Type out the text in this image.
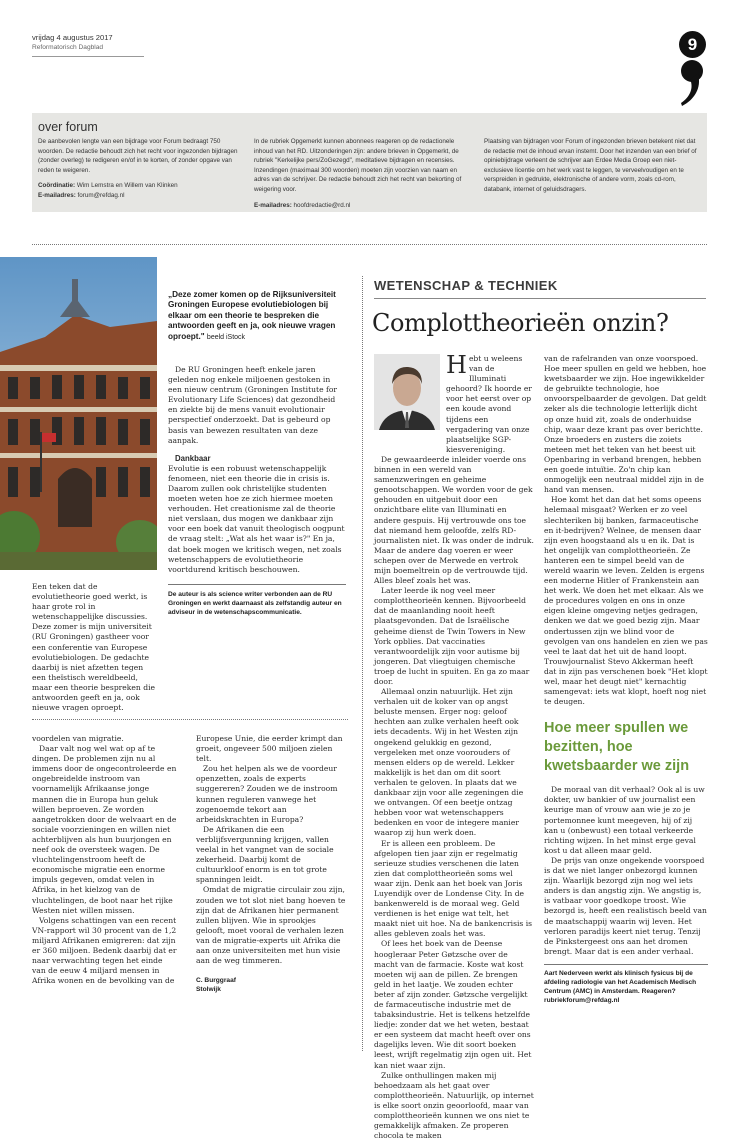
vrijdag 4 augustus 2017
Reformatorisch Dagblad	9
over forum

De aanbevolen lengte van een bijdrage voor Forum bedraagt 750 woorden. De redactie behoudt zich het recht voor ingezonden bijdragen (zonder overleg) te redigeren en/of in te korten, of zonder opgave van reden te weigeren.

Coördinatie: Wim Lemstra en Willem van Klinken

E-mailadres: forum@refdag.nl

In de rubriek Opgemerkt kunnen abonnees reageren op de redactionele inhoud van het RD. Uitzonderingen zijn: andere brieven in Opgemerkt, de rubriek "Kerkelijke pers/ZoGezegd", meditatieve bijdragen en recensies. Inzendingen (maximaal 300 woorden) moeten zijn voorzien van naam en adres van de schrijver. De redactie behoudt zich het recht van bekorting of weigering voor.

E-mailadres: hoofdredactie@rd.nl

Plaatsing van bijdragen voor Forum of ingezonden brieven betekent niet dat de redactie met de inhoud ervan instemt. Door het inzenden van een brief of opiniebijdrage verleent de schrijver aan Erdee Media Groep een niet-exclusieve licentie om het werk vast te leggen, te verveelvoudigen en te verspreiden in gedrukte, elektronische of andere vorm, zoals cd-rom, databank, internet of geluidsdragers.

„Deze zomer komen op de Rijksuniversiteit Groningen Europese evolutiebiologen bij elkaar om een theorie te bespreken die antwoorden geeft en ja, ook nieuwe vragen oproept." beeld iStock

Een teken dat de evolutietheorie goed werkt, is haar grote rol in wetenschappelijke discussies. Deze zomer is mijn universiteit (RU Groningen) gastheer voor een conferentie van Europese evolutiebiologen. De gedachte daarbij is niet afzetten tegen een theïstisch wereldbeeld, maar een theorie bespreken die antwoorden geeft en ja, ook nieuwe vragen oproept.

De RU Groningen heeft enkele jaren geleden nog enkele miljoenen gestoken in een nieuw centrum (Groningen Institute for Evolutionary Life Sciences) dat gezondheid en ziekte bij de mens vanuit evolutionair perspectief onderzoekt. Dat is gebeurd op basis van bewezen resultaten van deze aanpak.

Dankbaar

Evolutie is een robuust wetenschappelijk fenomeen, niet een theorie die in crisis is. Daarom zullen ook christelijke studenten moeten weten hoe ze zich hiermee moeten verhouden. Het creationisme zal de theorie niet verslaan, dus mogen we dankbaar zijn voor een boek dat vanuit theologisch oogpunt de vraag stelt: „Wat als het waar is?" En ja, dat boek mogen we kritisch wegen, net zoals wetenschappers de evolutietheorie voortdurend kritisch beschouwen.

De auteur is als science writer verbonden aan de RU Groningen en werkt daarnaast als zelfstandig auteur en adviseur in de wetenschapscommunicatie.

voordelen van migratie.

Daar valt nog wel wat op af te dingen. De problemen zijn nu al immens door de ongecontroleerde en ongebreidelde instroom van voornamelijk Afrikaanse jonge mannen die in Europa hun geluk willen beproeven. Ze worden aangetrokken door de welvaart en de sociale voorzieningen en willen niet achterblijven als hun buurjongen en neef ook de oversteek wagen. De vluchtelingenstroom heeft de economische migratie een enorme impuls gegeven, omdat velen in Afrika, in het kielzog van de vluchtelingen, de boot naar het rijke Westen niet willen missen.

Volgens schattingen van een recent VN-rapport wil 30 procent van de 1,2 miljard Afrikanen emigreren: dat zijn er 360 miljoen. Bedenk daarbij dat er naar verwachting tegen het einde van de eeuw 4 miljard mensen in Afrika wonen en de bevolking van de

Europese Unie, die eerder krimpt dan groeit, ongeveer 500 miljoen zielen telt.

Zou het helpen als we de voordeur openzetten, zoals de experts suggereren? Zouden we de instroom kunnen reguleren vanwege het zogenoemde tekort aan arbeidskrachten in Europa?

De Afrikanen die een verblijfsvergunning krijgen, vallen veelal in het vangnet van de sociale zekerheid. Daarbij komt de cultuurkloof enorm is en tot grote spanningen leidt.

Omdat de migratie circulair zou zijn, zouden we tot slot niet bang hoeven te zijn dat de Afrikanen hier permanent zullen blijven. Wie in sprookjes gelooft, moet vooral de verhalen lezen van de migratie-experts uit Afrika die aan onze universiteiten met hun visie aan de weg timmeren.

C. Burggraaf

Stolwijk

WETENSCHAP & TECHNIEK
Complottheorieën onzin?

Hebt u weleens van de Illuminati gehoord? Ik hoorde er voor het eerst over op een koude avond tijdens een vergadering van onze plaatselijke SGP-kiesvereniging.

De gewaardeerde inleider voerde ons binnen in een wereld van samenzweringen en geheime genootschappen. We worden voor de gek gehouden en uitgebuit door een onzichtbare elite van Illuminati en andere gespuis. Hij vertrouwde ons toe dat niemand hem geloofde, zelfs RD-journalisten niet. Ik was onder de indruk. Maar de andere dag voeren er weer schepen over de Merwede en vertrok mijn boemeltrein op de vertrouwde tijd. Alles bleef zoals het was.

Later leerde ik nog veel meer complottheorieën kennen. Bijvoorbeeld dat de maanlanding nooit heeft plaatsgevonden. Dat de Israëlische geheime dienst de Twin Towers in New York opblies. Dat vaccinaties verantwoordelijk zijn voor autisme bij jongeren. Dat vliegtuigen chemische troep de lucht in spuiten. En ga zo maar door.

Allemaal onzin natuurlijk. Het zijn verhalen uit de koker van op angst beluste mensen. Erger nog: geloof hechten aan zulke verhalen heeft ook iets decadents. Wij in het Westen zijn ongekend gelukkig en gezond, vergeleken met onze voorouders of mensen elders op de wereld. Lekker makkelijk is het dan om dit soort verhalen te geloven. In plaats dat we dankbaar zijn voor alle zegeningen die we ontvangen. Of een beetje ontzag hebben voor wat wetenschappers bedenken en voor de integere manier waarop zij hun werk doen.

Er is alleen een probleem. De afgelopen tien jaar zijn er regelmatig serieuze studies verschenen die laten zien dat complottheorieën soms wel waar zijn. Denk aan het boek van Joris Luyendijk over de Londense City. In de bankenwereld is de moraal weg. Geld verdienen is het enige wat telt, het maakt niet uit hoe. Na de bankencrisis is alles gebleven zoals het was.

Of lees het boek van de Deense hoogleraar Peter Gøtzsche over de macht van de farmacie. Koste wat kost moeten wij aan de pillen. Ze brengen geld in het laatje. We zouden echter beter af zijn zonder. Gøtzsche vergelijkt de farmaceutische industrie met de tabaksindustrie. Het is telkens hetzelfde liedje: zonder dat we het weten, bestaat er een systeem dat macht heeft over ons dagelijks leven. Wie dit soort boeken leest, wrijft regelmatig zijn ogen uit. Het kan niet waar zijn.

Zulke onthullingen maken mij behoedzaam als het gaat over complottheorieën. Natuurlijk, op internet is elke soort onzin geoorloofd, maar van complottheorieën kunnen we ons niet te gemakkelijk afmaken. Ze properen chocola te maken

van de rafelranden van onze voorspoed. Hoe meer spullen en geld we hebben, hoe kwetsbaarder we zijn. Hoe ingewikkelder de gebruikte technologie, hoe onvoorspelbaarder de gevolgen. Dat geldt zeker als die technologie letterlijk dicht op onze huid zit, zoals de onderhuidse chip, waar deze krant pas over berichtte. Onze broeders en zusters die zoiets meteen met het teken van het beest uit Openbaring in verband brengen, hebben een goede intuïtie. Zo'n chip kan onmogelijk een neutraal middel zijn in de hand van mensen.

Hoe komt het dan dat het soms opeens helemaal misgaat? Werken er zo veel slechteriken bij banken, farmaceutische en it-bedrijven? Welnee, de mensen daar zijn even hoogstaand als u en ik. Dat is het ongelijk van complottheorieën. Ze hanteren een te simpel beeld van de wereld waarin we leven. Zelden is ergens een moderne Hitler of Frankenstein aan het werk. We doen het met elkaar. Als we de procedures volgen en ons in onze eigen kleine omgeving netjes gedragen, denken we dat we goed bezig zijn. Maar ondertussen zijn we blind voor de gevolgen van ons handelen en zien we pas veel te laat dat het uit de hand loopt. Trouwjournalist Stevo Akkerman heeft dat in zijn pas verschenen boek "Het klopt wel, maar het deugt niet" kernachtig samengevat: iets wat klopt, hoeft nog niet te deugen.

Hoe meer spullen we bezitten, hoe kwetsbaarder we zijn

De moraal van dit verhaal? Ook al is uw dokter, uw bankier of uw journalist een keurige man of vrouw aan wie je zo je portemonnee kunt meegeven, hij of zij kan u (onbewust) een totaal verkeerde richting wijzen. In het minst erge geval kost u dat alleen maar geld.

De prijs van onze ongekende voorspoed is dat we niet langer onbezorgd kunnen zijn. Waarlijk bezorgd zijn nog wel iets anders is dan angstig zijn. We angstig is, is vatbaar voor goedkope troost. Wie bezorgd is, heeft een realistisch beeld van de maatschappij waarin wij leven. Het verloren paradijs keert niet terug. Tenzij de Pinkstergeest ons aan het dromen brengt. Maar dat is een ander verhaal.

Aart Nederveen werkt als klinisch fysicus bij de afdeling radiologie van het Academisch Medisch Centrum (AMC) in Amsterdam. Reageren? rubriekforum@refdag.nl
